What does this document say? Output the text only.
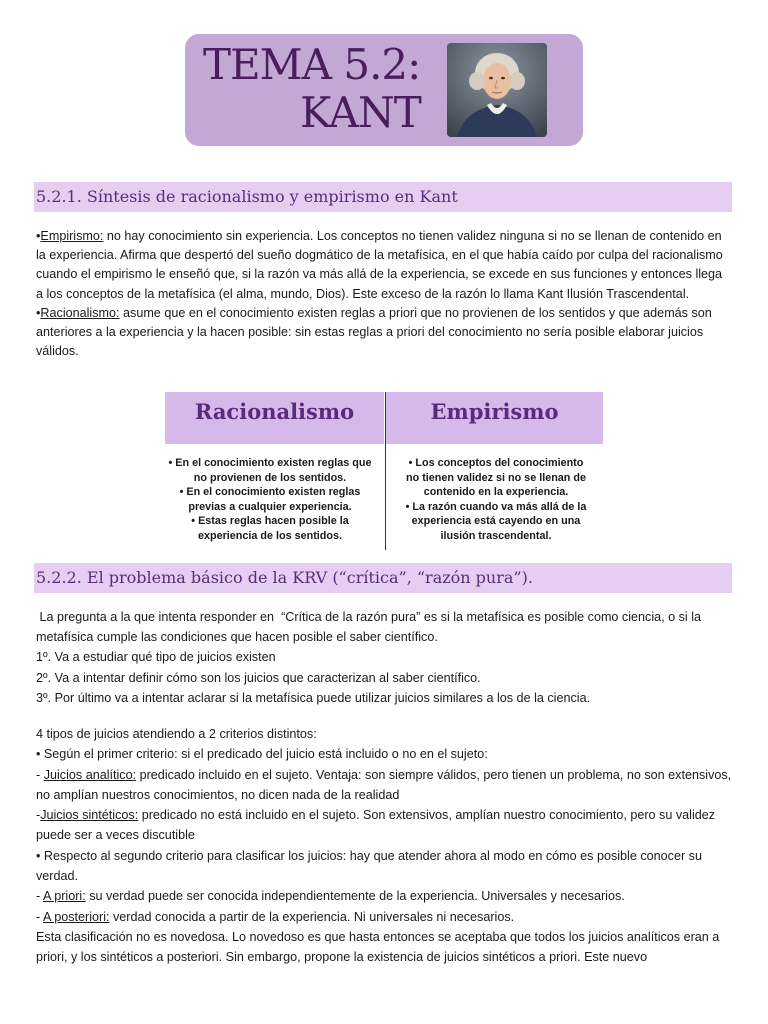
TEMA 5.2:
KANT
5.2.1. Síntesis de racionalismo y empirismo en Kant

•Empirismo: no hay conocimiento sin experiencia. Los conceptos no tienen validez ninguna si no se llenan de contenido en la experiencia. Afirma que despertó del sueño dogmático de la metafísica, en el que había caído por culpa del racionalismo cuando el empirismo le enseñó que, si la razón va más allá de la experiencia, se excede en sus funciones y entonces llega a los conceptos de la metafísica (el alma, mundo, Dios). Este exceso de la razón lo llama Kant Ilusión Trascendental.

•Racionalismo: asume que en el conocimiento existen reglas a priori que no provienen de los sentidos y que además son anteriores a la experiencia y la hacen posible: sin estas reglas a priori del conocimiento no sería posible elaborar juicios válidos.

Racionalismo	Empirismo
• En el conocimiento existen reglas que
no provienen de los sentidos.
• En el conocimiento existen reglas
previas a cualquier experiencia.
• Estas reglas hacen posible la
experiencia de los sentidos.
• Los conceptos del conocimiento
no tienen validez si no se llenan de
contenido en la experiencia.
• La razón cuando va más allá de la
experiencia está cayendo en una
ilusión trascendental.
5.2.2. El problema básico de la KRV (“crítica”, “razón pura”).

La pregunta a la que intenta responder en  “Crítica de la razón pura” es si la metafísica es posible como ciencia, o si la metafísica cumple las condiciones que hacen posible el saber científico.

1º. Va a estudiar qué tipo de juicios existen

2º. Va a intentar definir cómo son los juicios que caracterizan al saber científico.

3º. Por último va a intentar aclarar si la metafísica puede utilizar juicios similares a los de la ciencia.

4 tipos de juicios atendiendo a 2 criterios distintos:

• Según el primer criterio: si el predicado del juicio está incluido o no en el sujeto:

- Juicios analítico: predicado incluido en el sujeto. Ventaja: son siempre válidos, pero tienen un problema, no son extensivos, no amplían nuestros conocimientos, no dicen nada de la realidad

-Juicios sintéticos: predicado no está incluido en el sujeto. Son extensivos, amplían nuestro conocimiento, pero su validez puede ser a veces discutible

• Respecto al segundo criterio para clasificar los juicios: hay que atender ahora al modo en cómo es posible conocer su verdad.

- A priori: su verdad puede ser conocida independientemente de la experiencia. Universales y necesarios.

- A posteriori: verdad conocida a partir de la experiencia. Ni universales ni necesarios.

Esta clasificación no es novedosa. Lo novedoso es que hasta entonces se aceptaba que todos los juicios analíticos eran a priori, y los sintéticos a posteriori. Sin embargo, propone la existencia de juicios sintéticos a priori. Este nuevo
